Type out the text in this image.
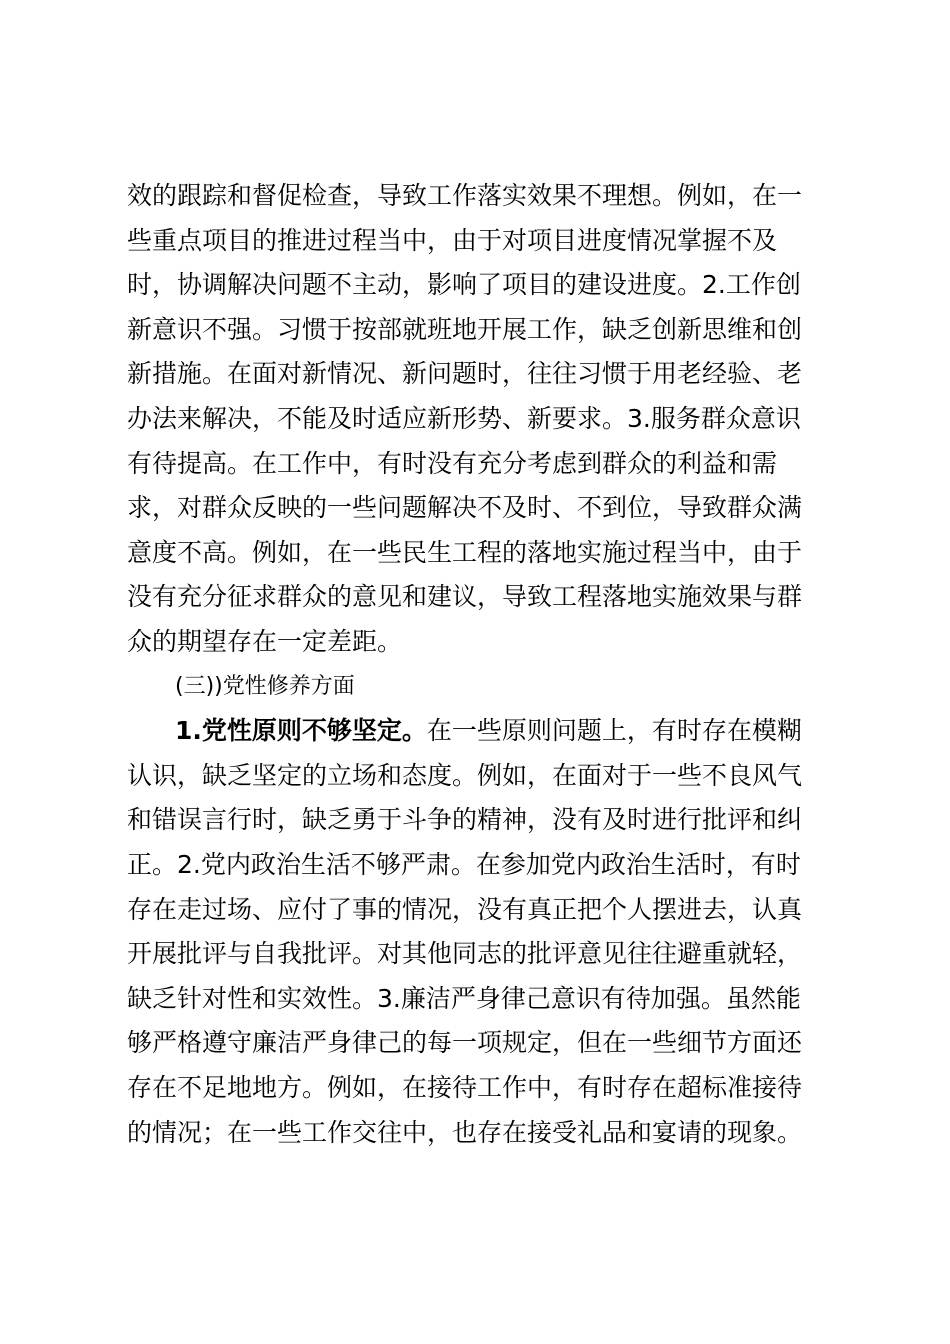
效的跟踪和督促检查，导致工作落实效果不理想。例如，在一
些重点项目的推进过程当中，由于对项目进度情况掌握不及
时，协调解决问题不主动，影响了项目的建设进度。2.工作创
新意识不强。习惯于按部就班地开展工作，缺乏创新思维和创
新措施。在面对新情况、新问题时，往往习惯于用老经验、老
办法来解决，不能及时适应新形势、新要求。3.服务群众意识
有待提高。在工作中，有时没有充分考虑到群众的利益和需
求，对群众反映的一些问题解决不及时、不到位，导致群众满
意度不高。例如，在一些民生工程的落地实施过程当中，由于
没有充分征求群众的意见和建议，导致工程落地实施效果与群
众的期望存在一定差距。
(三))党性修养方面
1.党性原则不够坚定。在一些原则问题上，有时存在模糊
认识，缺乏坚定的立场和态度。例如，在面对于一些不良风气
和错误言行时，缺乏勇于斗争的精神，没有及时进行批评和纠
正。2.党内政治生活不够严肃。在参加党内政治生活时，有时
存在走过场、应付了事的情况，没有真正把个人摆进去，认真
开展批评与自我批评。对其他同志的批评意见往往避重就轻，
缺乏针对性和实效性。3.廉洁严身律己意识有待加强。虽然能
够严格遵守廉洁严身律己的每一项规定，但在一些细节方面还
存在不足地地方。例如，在接待工作中，有时存在超标准接待
的情况；在一些工作交往中，也存在接受礼品和宴请的现象。
